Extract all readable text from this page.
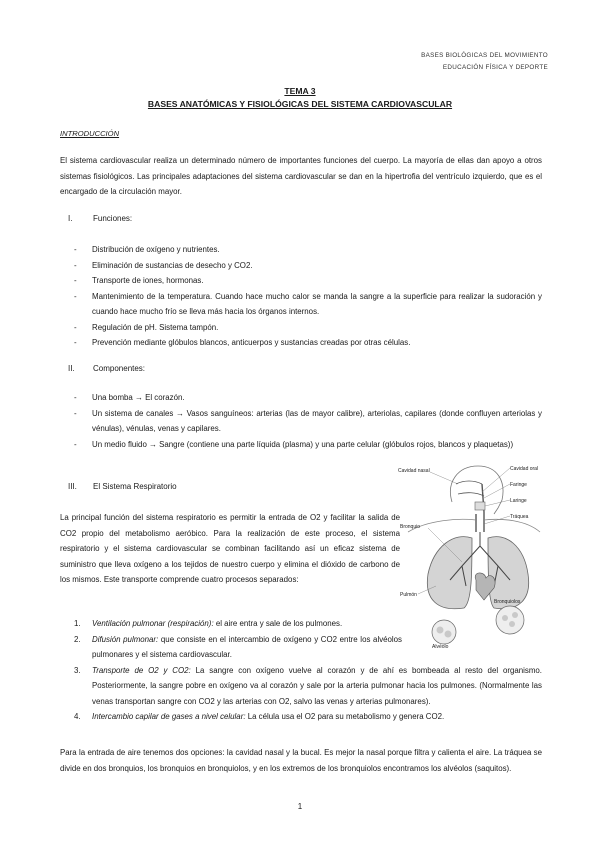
BASES BIOLÓGICAS DEL MOVIMIENTO
EDUCACIÓN FÍSICA Y DEPORTE
TEMA 3
BASES ANATÓMICAS Y FISIOLÓGICAS DEL SISTEMA CARDIOVASCULAR
INTRODUCCIÓN
El sistema cardiovascular realiza un determinado número de importantes funciones del cuerpo. La mayoría de ellas dan apoyo a otros sistemas fisiológicos. Las principales adaptaciones del sistema cardiovascular se dan en la hipertrofia del ventrículo izquierdo, que es el encargado de la circulación mayor.
I.	Funciones:
- Distribución de oxígeno y nutrientes.
- Eliminación de sustancias de desecho y CO2.
- Transporte de iones, hormonas.
- Mantenimiento de la temperatura. Cuando hace mucho calor se manda la sangre a la superficie para realizar la sudoración y cuando hace mucho frío se lleva más hacia los órganos internos.
- Regulación de pH. Sistema tampón.
- Prevención mediante glóbulos blancos, anticuerpos y sustancias creadas por otras células.
II. Componentes:
- Una bomba → El corazón.
- Un sistema de canales → Vasos sanguíneos: arterias (las de mayor calibre), arteriolas, capilares (donde confluyen arteriolas y vénulas), vénulas, venas y capilares.
- Un medio fluido → Sangre (contiene una parte líquida (plasma) y una parte celular (glóbulos rojos, blancos y plaquetas))
III. El Sistema Respiratorio
La principal función del sistema respiratorio es permitir la entrada de O2 y facilitar la salida de CO2 propio del metabolismo aeróbico. Para la realización de este proceso, el sistema respiratorio y el sistema cardiovascular se combinan facilitando así un eficaz sistema de suministro que lleva oxígeno a los tejidos de nuestro cuerpo y elimina el dióxido de carbono de los mismos. Este transporte comprende cuatro procesos separados:
Cavidad nasal	Cavidad oral
Faringe
Laringe
Tráquea
Bronquio
Pulmón
Bronquiolos
Alvéolo
1. Ventilación pulmonar (respiración): el aire entra y sale de los pulmones.
2. Difusión pulmonar: que consiste en el intercambio de oxígeno y CO2 entre los alvéolos pulmonares y el sistema cardiovascular.
3. Transporte de O2 y CO2: La sangre con oxígeno vuelve al corazón y de ahí es bombeada al resto del organismo. Posteriormente, la sangre pobre en oxígeno va al corazón y sale por la arteria pulmonar hacia los pulmones. (Normalmente las venas transportan sangre con CO2 y las arterias con O2, salvo las venas y arterias pulmonares).
4. Intercambio capilar de gases a nivel celular: La célula usa el O2 para su metabolismo y genera CO2.
Para la entrada de aire tenemos dos opciones: la cavidad nasal y la bucal. Es mejor la nasal porque filtra y calienta el aire. La tráquea se divide en dos bronquios, los bronquios en bronquiolos, y en los extremos de los bronquiolos encontramos los alvéolos (saquitos).
1
